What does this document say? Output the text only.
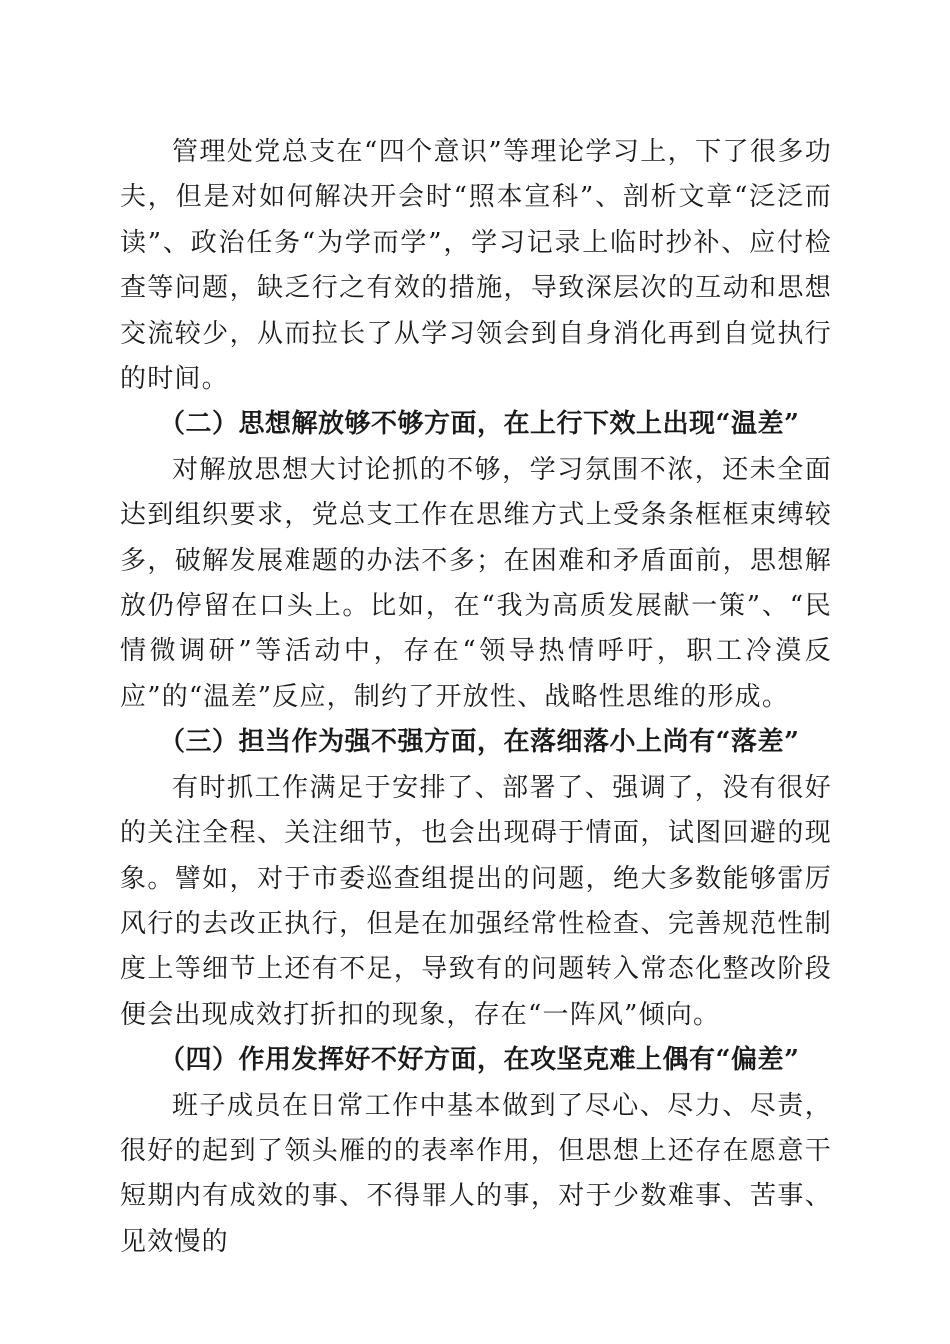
管理处党总支在“四个意识”等理论学习上，下了很多功夫，但是对如何解决开会时“照本宣科”、剖析文章“泛泛而读”、政治任务“为学而学”，学习记录上临时抄补、应付检查等问题，缺乏行之有效的措施，导致深层次的互动和思想交流较少，从而拉长了从学习领会到自身消化再到自觉执行的时间。

（二）思想解放够不够方面，在上行下效上出现“温差”

对解放思想大讨论抓的不够，学习氛围不浓，还未全面达到组织要求，党总支工作在思维方式上受条条框框束缚较多，破解发展难题的办法不多；在困难和矛盾面前，思想解放仍停留在口头上。比如，在“我为高质发展献一策”、“民情微调研”等活动中，存在“领导热情呼吁，职工冷漠反应”的“温差”反应，制约了开放性、战略性思维的形成。

（三）担当作为强不强方面，在落细落小上尚有“落差”

有时抓工作满足于安排了、部署了、强调了，没有很好的关注全程、关注细节，也会出现碍于情面，试图回避的现象。譬如，对于市委巡查组提出的问题，绝大多数能够雷厉风行的去改正执行，但是在加强经常性检查、完善规范性制度上等细节上还有不足，导致有的问题转入常态化整改阶段便会出现成效打折扣的现象，存在“一阵风”倾向。

（四）作用发挥好不好方面，在攻坚克难上偶有“偏差”

班子成员在日常工作中基本做到了尽心、尽力、尽责，很好的起到了领头雁的的表率作用，但思想上还存在愿意干短期内有成效的事、不得罪人的事，对于少数难事、苦事、见效慢的
